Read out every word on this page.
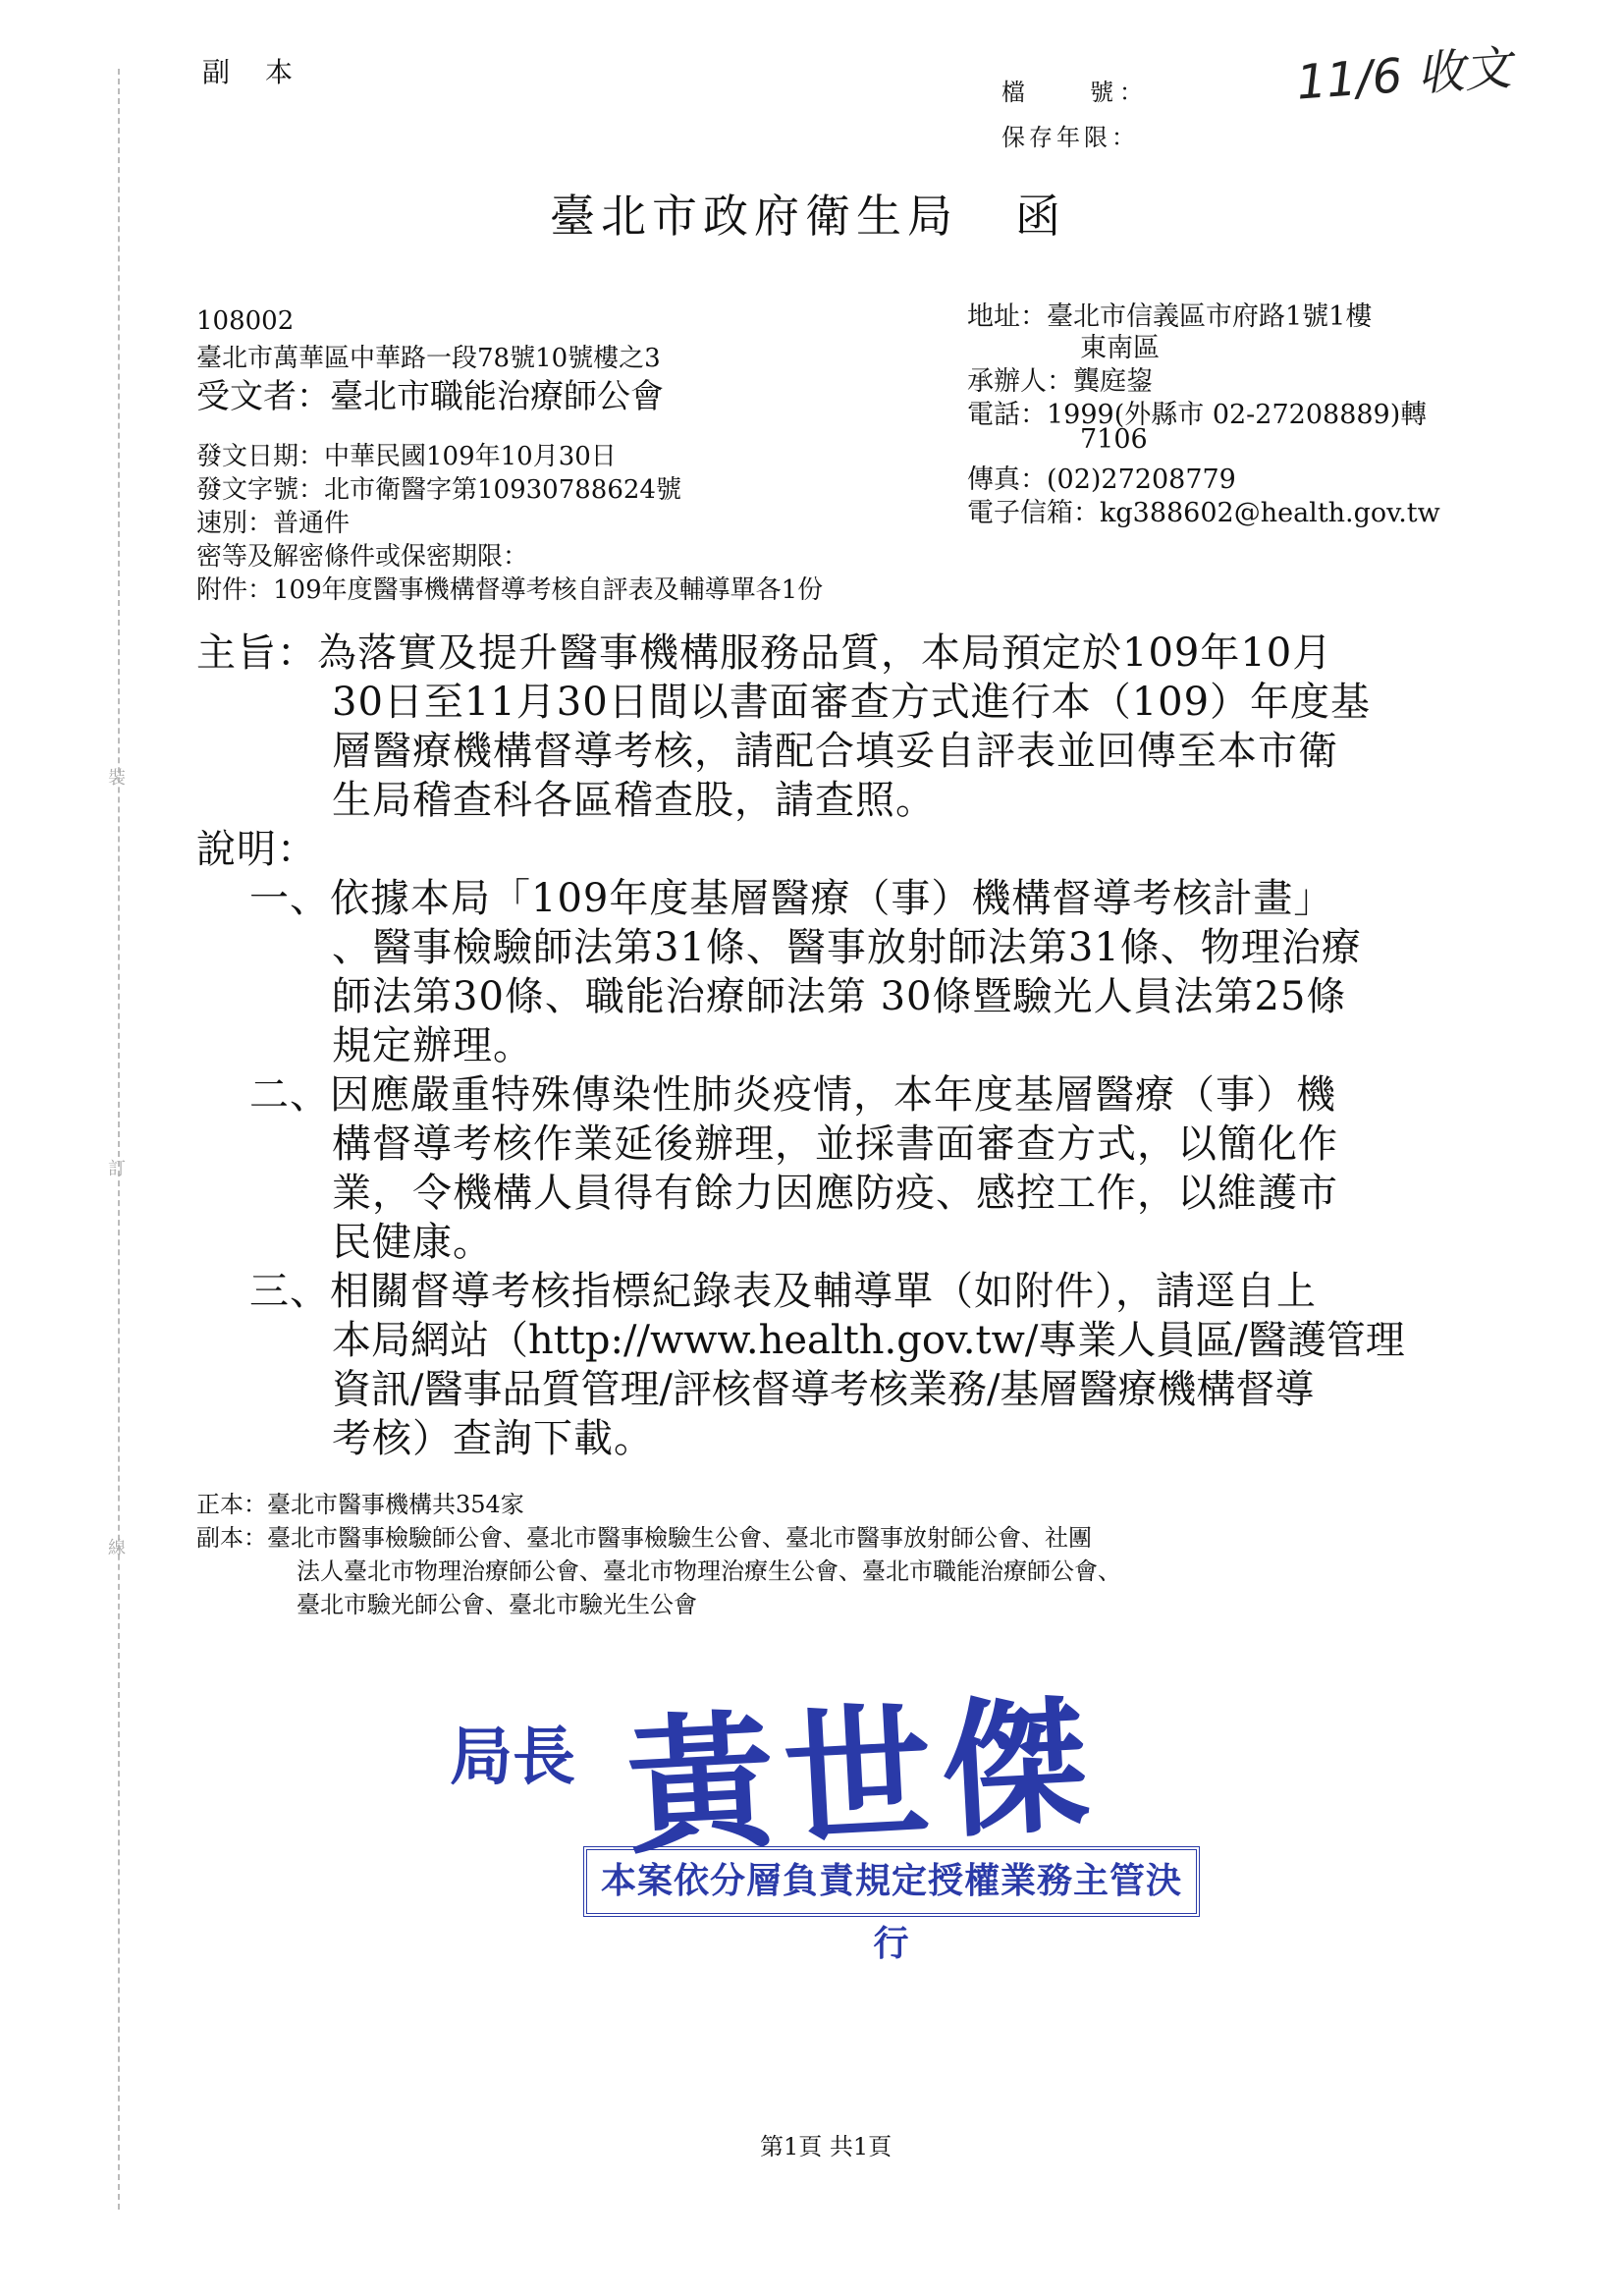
裝
訂
線
副本
檔　　號：
保存年限：
11/6 收文
臺北市政府衛生局 函
108002
臺北市萬華區中華路一段78號10號樓之3
受文者：臺北市職能治療師公會
發文日期：中華民國109年10月30日
發文字號：北市衛醫字第10930788624號
速別：普通件
密等及解密條件或保密期限：
附件：109年度醫事機構督導考核自評表及輔導單各1份
地址：臺北市信義區市府路1號1樓
東南區
承辦人：龔庭鋆
電話：1999(外縣市 02-27208889)轉
7106
傳真：(02)27208779
電子信箱：kg388602@health.gov.tw
主旨：為落實及提升醫事機構服務品質，本局預定於109年10月
30日至11月30日間以書面審查方式進行本（109）年度基
層醫療機構督導考核，請配合填妥自評表並回傳至本市衛
生局稽查科各區稽查股，請查照。
說明：
一、依據本局「109年度基層醫療（事）機構督導考核計畫」
、醫事檢驗師法第31條、醫事放射師法第31條、物理治療
師法第30條、職能治療師法第 30條暨驗光人員法第25條
規定辦理。
二、因應嚴重特殊傳染性肺炎疫情，本年度基層醫療（事）機
構督導考核作業延後辦理，並採書面審查方式，以簡化作
業，令機構人員得有餘力因應防疫、感控工作，以維護市
民健康。
三、相關督導考核指標紀錄表及輔導單（如附件），請逕自上
本局網站（http://www.health.gov.tw/專業人員區/醫護管理
資訊/醫事品質管理/評核督導考核業務/基層醫療機構督導
考核）查詢下載。
正本：臺北市醫事機構共354家
副本：臺北市醫事檢驗師公會、臺北市醫事檢驗生公會、臺北市醫事放射師公會、社團
法人臺北市物理治療師公會、臺北市物理治療生公會、臺北市職能治療師公會、
臺北市驗光師公會、臺北市驗光生公會
局長 黃世傑
本案依分層負責規定授權業務主管決行
第1頁 共1頁
